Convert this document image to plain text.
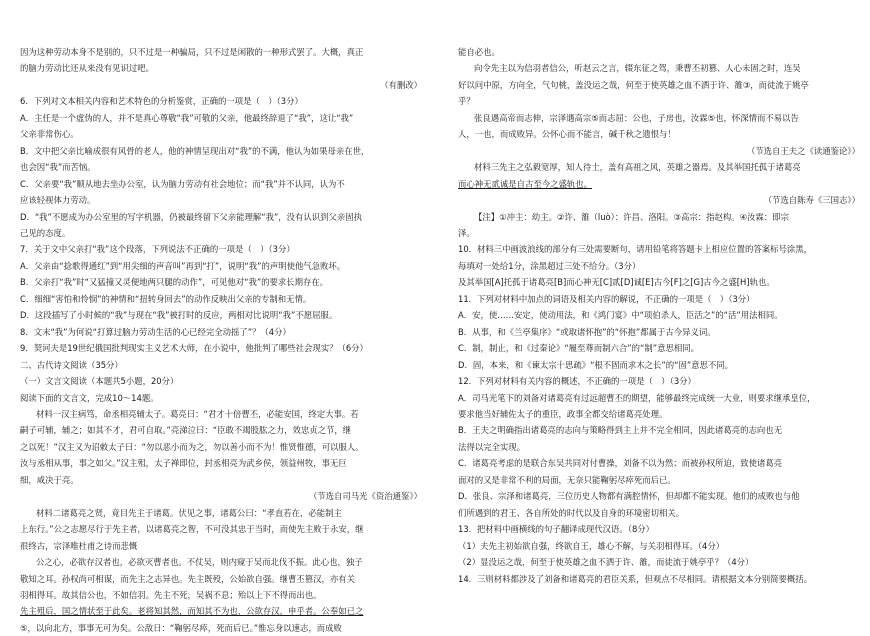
因为这种劳动本身不是别的，只不过是一种骗局，只不过是闲散的一种形式罢了。大概，真正

的脑力劳动比还从来没有见识过吧。

（有删改）

6．下列对文本相关内容和艺术特色的分析鉴赏，正确的一项是（　）（3分）

A．主任是一个虚伪的人，并不是真心尊敬“我”可敬的父亲，他最终辞退了“我”，这让“我”

父亲非常伤心。

B．文中把父亲比喻成很有风骨的老人，他的神情呈现出对“我”的不满，他认为如果母亲在世，

也会因“我”而苦恼。

C．父亲要“我”顺从地去坐办公室，认为脑力劳动有社会地位；而“我”并不认同，认为不

应该轻视体力劳动。

D．“我”不愿成为办公室里的写字机器，仍被最终留下父亲能理解“我”，没有认识到父亲固执

己见的态度。

7．关于文中父亲打“我”这个段落，下列说法不正确的一项是（　）（3分）

A．父亲由“捻歌得通红”到“用尖细的声音叫”再到“打”，说明“我”的声明使他气急败坏。

B．父亲打“我”时“又猛撞又灵便地两只腿的动作”，可见他对“我”的要求长期存在。

C．细细“害怕和怜悯”的神情和“扭转身回去”的动作反映出父亲的专制和无情。

D．这段插写了小时候的“我”与现在“我”被打时的反应，两相对比说明“我”不愿屈服。

8．文末“我”为何说“打算过脑力劳动生活的心已经完全动摇了”？（4分）

9．契诃夫是19世纪俄国批判现实主义艺术大师，在小说中，他批判了哪些社会现实？（6分）

二、古代诗文阅读（35分）

（一）文言文阅读（本题共5小题，20分）

阅读下面的文言文，完成10～14题。

材料一汉主病笃，命丞相亮辅太子。葛亮曰：“君才十倍曹丕，必能安国，终定大事。若

嗣子可辅，辅之；如其不才，君可自取。”亮涕泣曰：“臣敢不竭股肱之力，效忠贞之节，继

之以死！”汉主又为诏敕太子曰：“勿以恶小而为之，勿以善小而不为！惟贤惟德，可以服人。

汝与丞相从事，事之如父。”汉主殂，太子禅即位，封丞相亮为武乡侯，领益州牧，事无巨

细，咸决于亮。

（节选自司马光《资治通鉴》）

材料二诸葛亮之贤，竟目先主于诸葛。伏见之事，诸葛公曰：“孝直若在，必能制主

上东行。”公之志愿尽行于先主者，以诸葛亮之智，不可没其忠于当时，而使先主败于永安，继

很终古，宗泽唯杜甫之诗而悲慨

公之心，必欲存汉者也，必欲灭曹者也。不仗吴，则内窥于吴而北伐不振。此心也，独子

敬知之耳。孙权尚可相谋，而先主之志异也。先主既殁，公始欲自强。继曹丕篡汉，亦有关

羽相得耳。故其信公也，不如信羽。先主不死，吴祸不息；殆以上下不得而出也。

先主殂后，国之情状至于此矣。老将知其然，而知其不为也，公欲存汉，申乎者。公奉如已之

⑤，以向北方，事事无可为矣。公敌日：“鞠躬尽瘁，死而后已。”惟忘身以速志，而成败

能自必也。

向令先主以为信羽者信公，听赵云之言，辍东征之驾，秉曹丕初篡、人心未固之时，连吴

好以问中原，方向全，气句桃，盖没运之哉，何至于使英雄之血不洒于许、雒③，而徒流于姚亭

乎？

张良遇高帝而志伸，宗泽遇高宗⑤而志屈：公也，子房也，汝霖⑤也，怀深情而不易以告

人，一也，而成败异。公怀心而不能言，碱千秋之遗恨与！

（节选自王夫之《读通鉴论》）

材料三先主之弘毅宽厚，知人待士，盖有高祖之风，英雄之器焉。及其举国托孤于诸葛亮

而心神无贰诚是自古至今之盛轨也。

（节选自陈寿《三国志》）

【注】①冲主：幼主。②许、雒（luò）：许昌、洛阳。③高宗：指赵构。④汝霖：即宗

泽。

10．材料三中画波浪线的部分有三处需要断句，请用铅笔将答题卡上相应位置的答案标号涂黑，

每填对一处给1分，涂黑超过三处不给分。（3分）

及其举国[A]托孤于诸葛亮[B]而心神无[C]贰[D]诚[E]古今[F]之[G]古今之盛[H]轨也。

11．下列对材料中加点的词语及相关内容的解说，不正确的一项是（　）（3分）

A．安，使……安定，使动用法，和《鸿门宴》中“项伯杀人，臣活之”的“活”用法相同。

B．从事，和《兰亭集序》“或取诸怀抱”的“怀抱”都属于古今异义词。

C．制，制止，和《过秦论》“履至尊而制六合”的“制”意思相同。

D．固，本来，和《谏太宗十思疏》“根不固而求木之长”的“固”意思不同。

12．下列对材料有关内容的概述，不正确的一项是（　）（3分）

A．司马光笔下的刘备对诸葛亮有过远超曹丕的期望，能够最终完成统一大业，则要求继承皇位，

要求他当好辅佐太子的重臣，政事全都交给诸葛亮处理。

B．王夫之明确指出诸葛亮的志向与策略得到主上并不完全相同，因此诸葛亮的志向也无

法得以完全实现。

C．诸葛亮考虑的是联合东吴共同对付曹操，刘备不以为然；而被孙权所迫，致使诸葛亮

面对的又是非常不利的局面，无奈只能鞠躬尽瘁死而后已。

D．张良、宗泽和诸葛亮，三位历史人物都有满腔情怀，但却都不能实现。他们的成败也与他

们所遇到的君王、各自所处的时代以及自身的环境密切相关。

13．把材料中画横线的句子翻译成现代汉语。（8分）

（1）夫先主初始欲自强，终欲自王，雄心不解，与关羽相得耳。（4分）

（2）显没运之哉，何至于使英雄之血不洒于许、雒，而徒流于姚亭乎？（4分）

14．三则材料都涉及了刘备和诸葛亮的君臣关系，但观点不尽相同。请根据文本分别简要概括。
